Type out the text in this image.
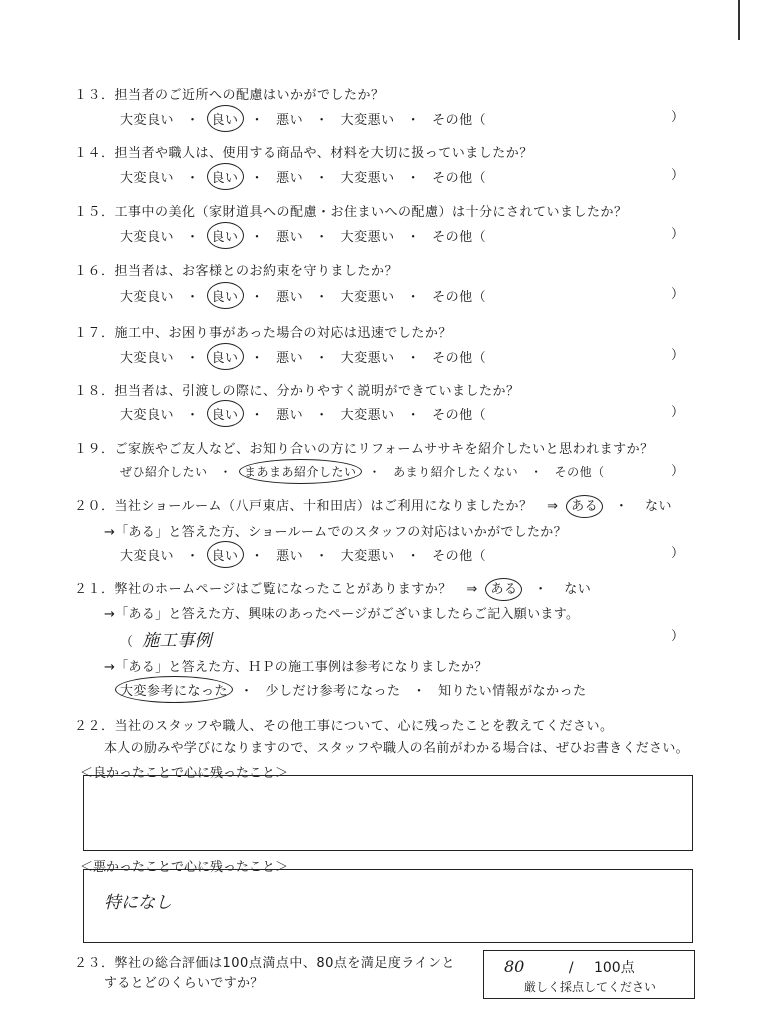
１３．担当者のご近所への配慮はいかがでしたか？
大変良い ・ 良い ・ 悪い ・ 大変悪い ・ その他（	）
１４．担当者や職人は、使用する商品や、材料を大切に扱っていましたか？
大変良い ・ 良い ・ 悪い ・ 大変悪い ・ その他（	）
１５．工事中の美化（家財道具への配慮・お住まいへの配慮）は十分にされていましたか？
大変良い ・ 良い ・ 悪い ・ 大変悪い ・ その他（	）
１６．担当者は、お客様とのお約束を守りましたか？
大変良い ・ 良い ・ 悪い ・ 大変悪い ・ その他（	）
１７．施工中、お困り事があった場合の対応は迅速でしたか？
大変良い ・ 良い ・ 悪い ・ 大変悪い ・ その他（	）
１８．担当者は、引渡しの際に、分かりやすく説明ができていましたか？
大変良い ・ 良い ・ 悪い ・ 大変悪い ・ その他（	）
１９．ご家族やご友人など、お知り合いの方にリフォームササキを紹介したいと思われますか？
ぜひ紹介したい ・ まあまあ紹介したい ・ あまり紹介したくない ・ その他（	）
２０．当社ショールーム（八戸東店、十和田店）はご利用になりましたか？ ⇒ ある ・ ない
→「ある」と答えた方、ショールームでのスタッフの対応はいかがでしたか？
大変良い ・ 良い ・ 悪い ・ 大変悪い ・ その他（	）
２１．弊社のホームページはご覧になったことがありますか？ ⇒ ある ・ ない
→「ある」と答えた方、興味のあったページがございましたらご記入願います。
（ 施工事例	）
→「ある」と答えた方、ＨＰの施工事例は参考になりましたか？
大変参考になった ・ 少しだけ参考になった ・ 知りたい情報がなかった
２２．当社のスタッフや職人、その他工事について、心に残ったことを教えてください。
本人の励みや学びになりますので、スタッフや職人の名前がわかる場合は、ぜひお書きください。
＜良かったことで心に残ったこと＞
＜悪かったことで心に残ったこと＞
特になし
２３．弊社の総合評価は100点満点中、80点を満足度ラインと
するとどのくらいですか？
80	/ 100点
厳しく採点してください
